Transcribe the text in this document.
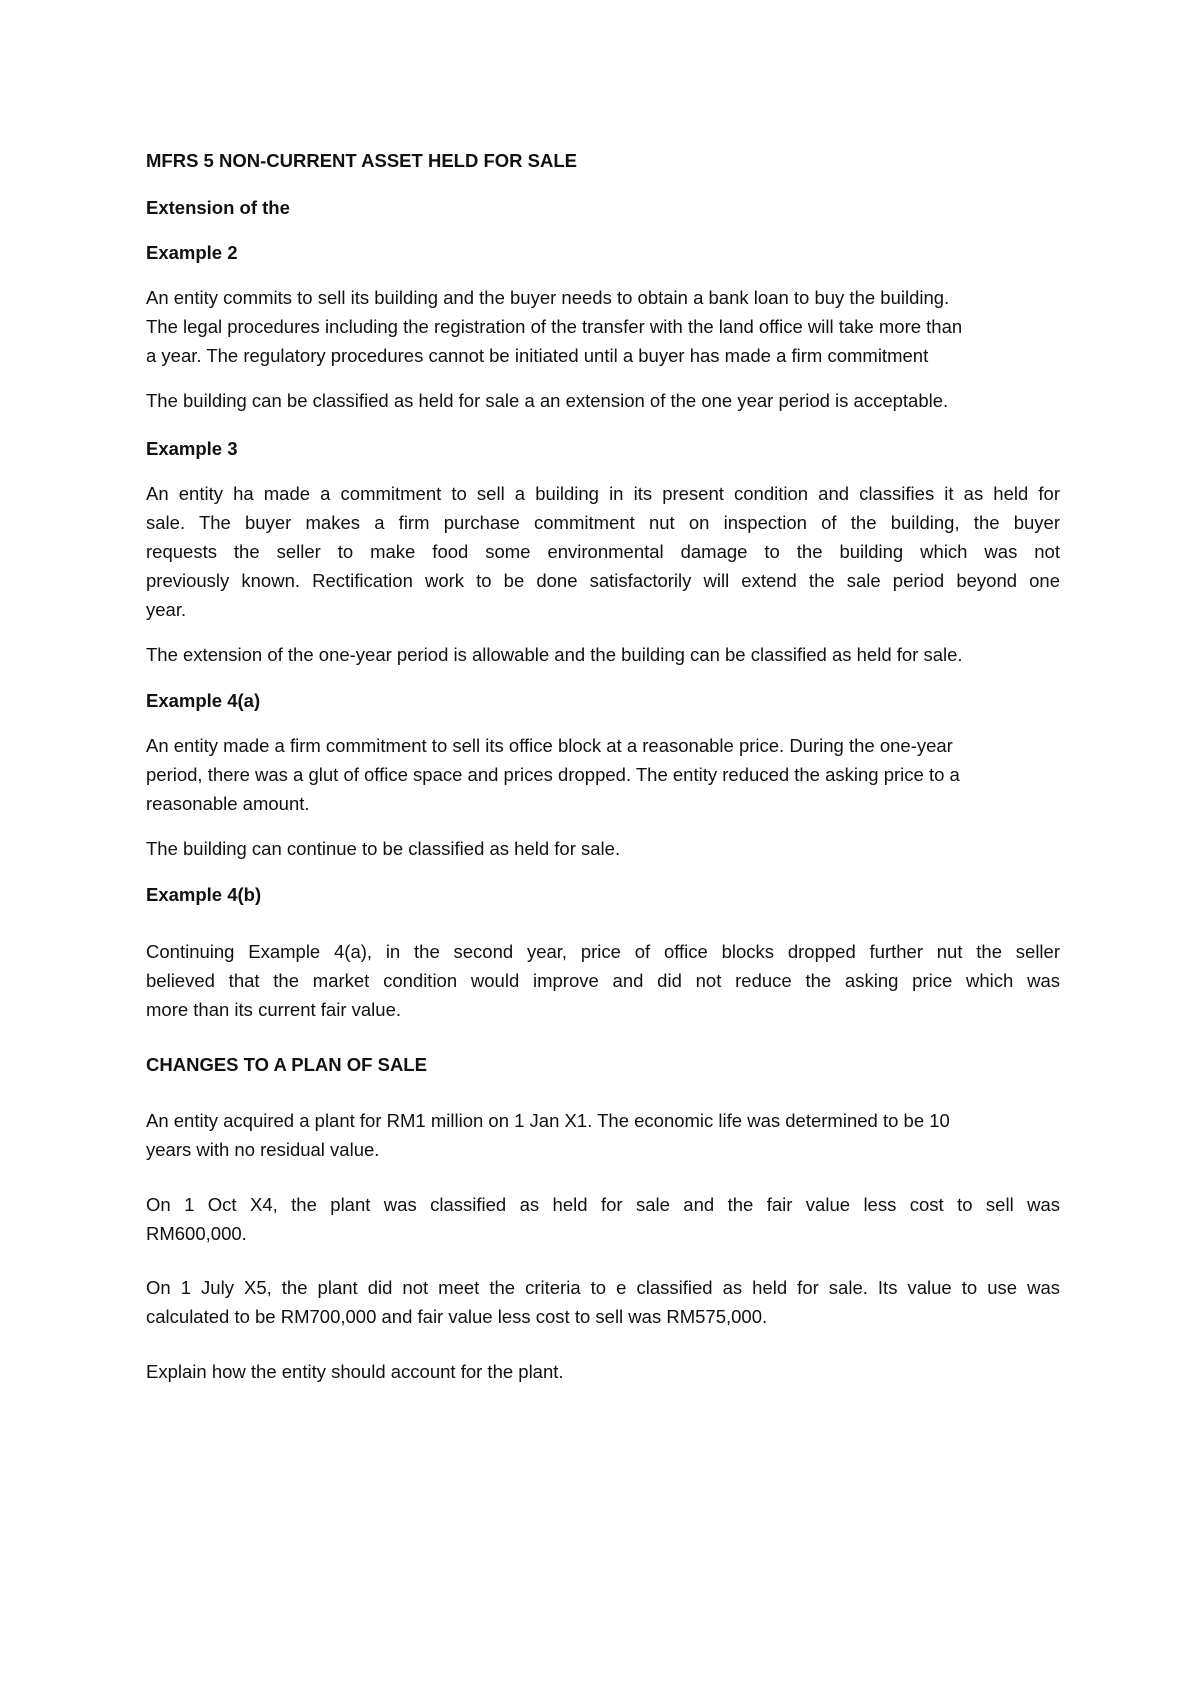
MFRS 5 NON-CURRENT ASSET HELD FOR SALE
Extension of the
Example 2
An entity commits to sell its building and the buyer needs to obtain a bank loan to buy the building.
The legal procedures including the registration of the transfer with the land office will take more than
a year. The regulatory procedures cannot be initiated until a buyer has made a firm commitment
The building can be classified as held for sale a an extension of the one year period is acceptable.
Example 3
An entity ha made a commitment to sell a building in its present condition and classifies it as held for
sale. The buyer makes a firm purchase commitment nut on inspection of the building, the buyer
requests the seller to make food some environmental damage to the building which was not
previously known. Rectification work to be done satisfactorily will extend the sale period beyond one
year.
The extension of the one-year period is allowable and the building can be classified as held for sale.
Example 4(a)
An entity made a firm commitment to sell its office block at a reasonable price. During the one-year
period, there was a glut of office space and prices dropped. The entity reduced the asking price to a
reasonable amount.
The building can continue to be classified as held for sale.
Example 4(b)
Continuing Example 4(a), in the second year, price of office blocks dropped further nut the seller
believed that the market condition would improve and did not reduce the asking price which was
more than its current fair value.
CHANGES TO A PLAN OF SALE
An entity acquired a plant for RM1 million on 1 Jan X1. The economic life was determined to be 10
years with no residual value.
On 1 Oct X4, the plant was classified as held for sale and the fair value less cost to sell was
RM600,000.
On 1 July X5, the plant did not meet the criteria to e classified as held for sale. Its value to use was
calculated to be RM700,000 and fair value less cost to sell was RM575,000.
Explain how the entity should account for the plant.
